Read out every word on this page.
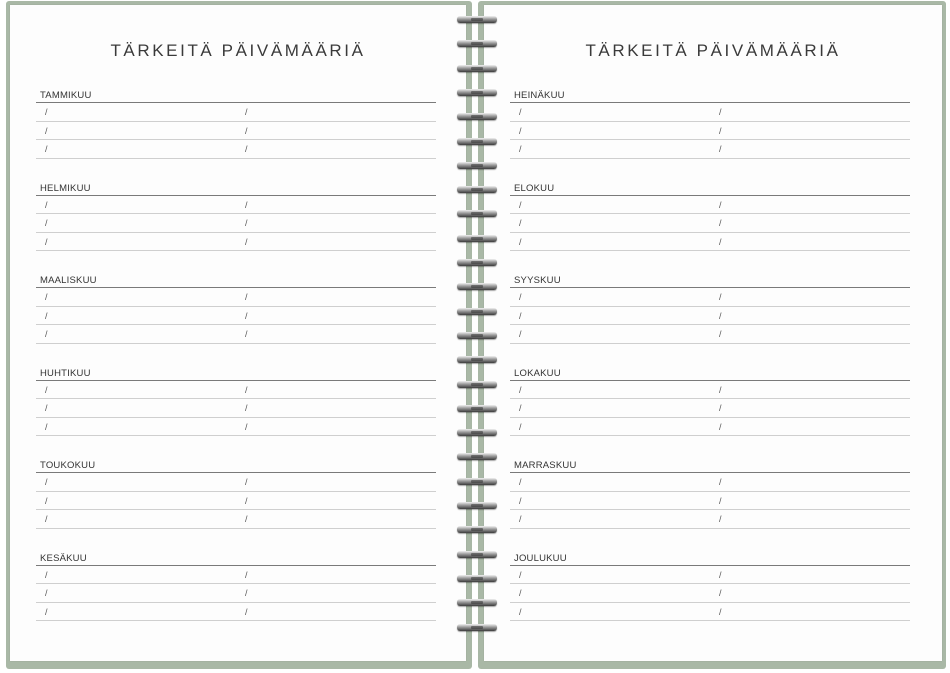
TÄRKEITÄ PÄIVÄMÄÄRIÄ
TAMMIKUU
/	/
/	/
/	/
HELMIKUU
/	/
/	/
/	/
MAALISKUU
/	/
/	/
/	/
HUHTIKUU
/	/
/	/
/	/
TOUKOKUU
/	/
/	/
/	/
KESÄKUU
/	/
/	/
/	/
TÄRKEITÄ PÄIVÄMÄÄRIÄ
HEINÄKUU
/	/
/	/
/	/
ELOKUU
/	/
/	/
/	/
SYYSKUU
/	/
/	/
/	/
LOKAKUU
/	/
/	/
/	/
MARRASKUU
/	/
/	/
/	/
JOULUKUU
/	/
/	/
/	/
